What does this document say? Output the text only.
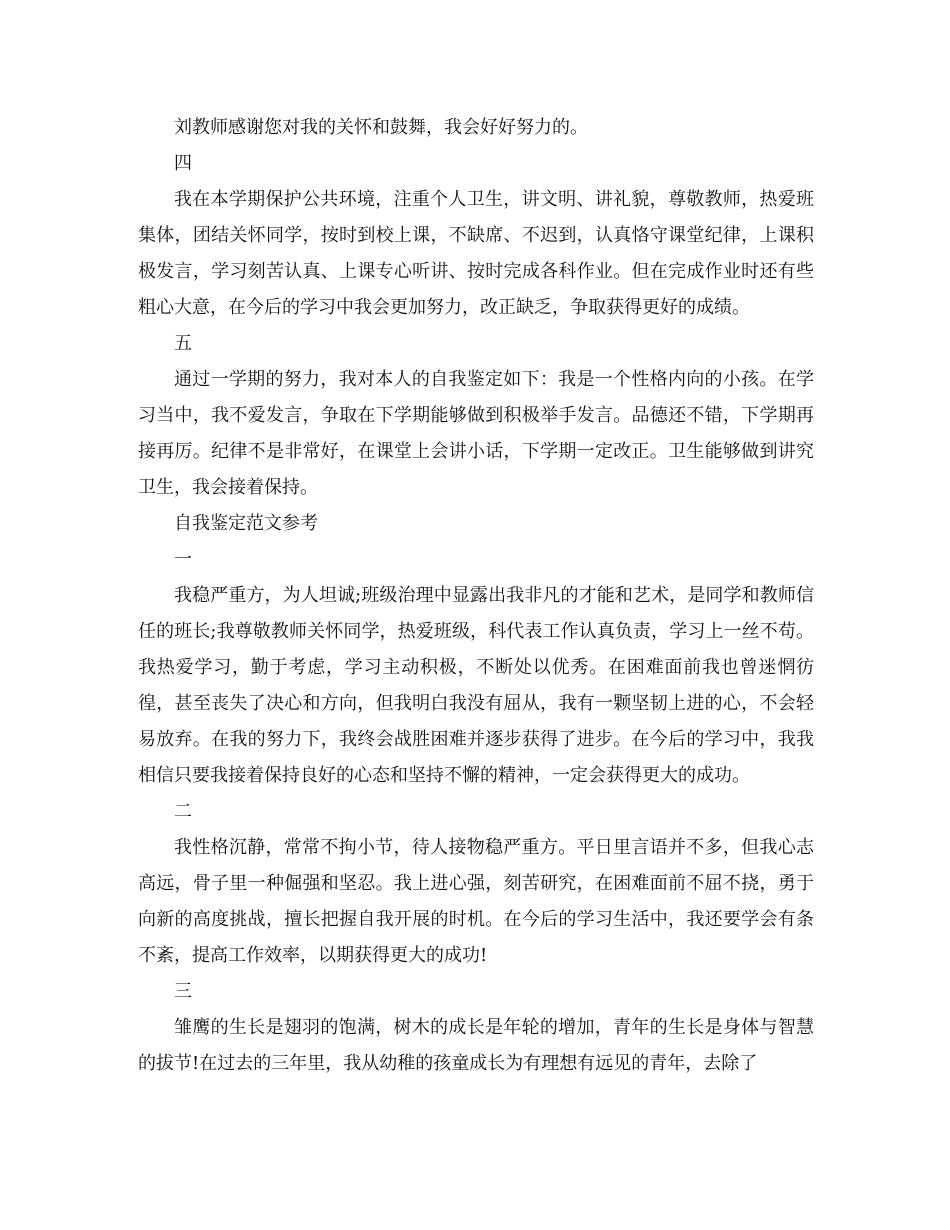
刘教师感谢您对我的关怀和鼓舞，我会好好努力的。

四

我在本学期保护公共环境，注重个人卫生，讲文明、讲礼貌，尊敬教师，热爱班集体，团结关怀同学，按时到校上课，不缺席、不迟到，认真恪守课堂纪律，上课积极发言，学习刻苦认真、上课专心听讲、按时完成各科作业。但在完成作业时还有些粗心大意，在今后的学习中我会更加努力，改正缺乏，争取获得更好的成绩。

五

通过一学期的努力，我对本人的自我鉴定如下：我是一个性格内向的小孩。在学习当中，我不爱发言，争取在下学期能够做到积极举手发言。品德还不错，下学期再接再厉。纪律不是非常好，在课堂上会讲小话，下学期一定改正。卫生能够做到讲究卫生，我会接着保持。

自我鉴定范文参考

一

我稳严重方，为人坦诚;班级治理中显露出我非凡的才能和艺术，是同学和教师信任的班长;我尊敬教师关怀同学，热爱班级，科代表工作认真负责，学习上一丝不苟。我热爱学习，勤于考虑，学习主动积极，不断处以优秀。在困难面前我也曾迷惘彷徨，甚至丧失了决心和方向，但我明白我没有屈从，我有一颗坚韧上进的心，不会轻易放弃。在我的努力下，我终会战胜困难并逐步获得了进步。在今后的学习中，我我相信只要我接着保持良好的心态和坚持不懈的精神，一定会获得更大的成功。

二

我性格沉静，常常不拘小节，待人接物稳严重方。平日里言语并不多，但我心志高远，骨子里一种倔强和坚忍。我上进心强，刻苦研究，在困难面前不屈不挠，勇于向新的高度挑战，擅长把握自我开展的时机。在今后的学习生活中，我还要学会有条不紊，提高工作效率，以期获得更大的成功!

三

雏鹰的生长是翅羽的饱满，树木的成长是年轮的增加，青年的生长是身体与智慧的拔节!在过去的三年里，我从幼稚的孩童成长为有理想有远见的青年，去除了
